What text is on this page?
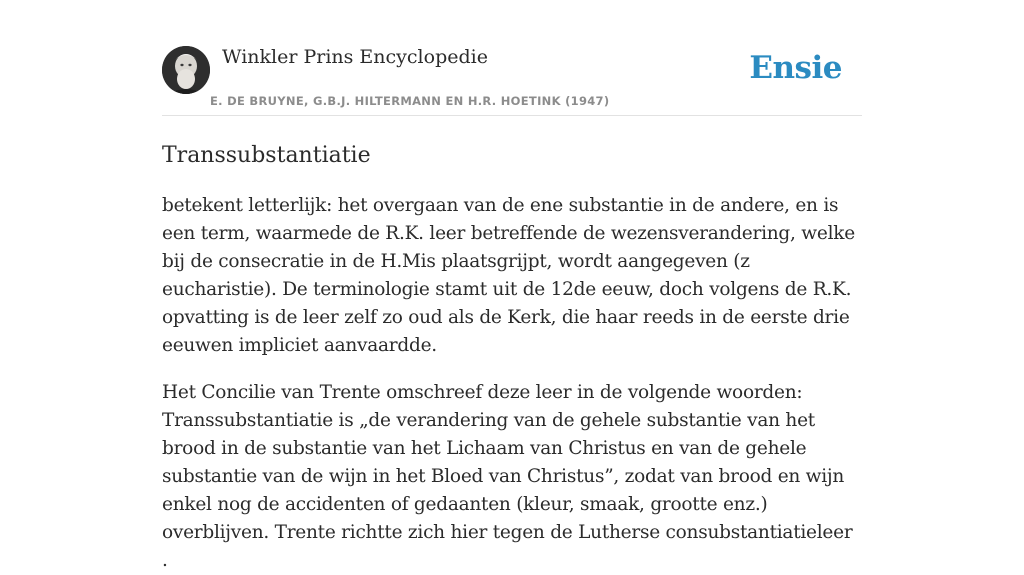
Winkler Prins Encyclopedie
E. DE BRUYNE, G.B.J. HILTERMANN EN H.R. HOETINK (1947)
Ensie
Transsubstantiatie

betekent letterlijk: het overgaan van de ene substantie in de andere, en is een term, waarmede de R.K. leer betreffende de wezensverandering, welke bij de consecratie in de H.Mis plaatsgrijpt, wordt aangegeven (z eucharistie). De terminologie stamt uit de 12de eeuw, doch volgens de R.K. opvatting is de leer zelf zo oud als de Kerk, die haar reeds in de eerste drie eeuwen impliciet aanvaardde.

Het Concilie van Trente omschreef deze leer in de volgende woorden: Transsubstantiatie is „de verandering van de gehele substantie van het brood in de substantie van het Lichaam van Christus en van de gehele substantie van de wijn in het Bloed van Christus”, zodat van brood en wijn enkel nog de accidenten of gedaanten (kleur, smaak, grootte enz.) overblijven. Trente richtte zich hier tegen de Lutherse consubstantiatieleer .
